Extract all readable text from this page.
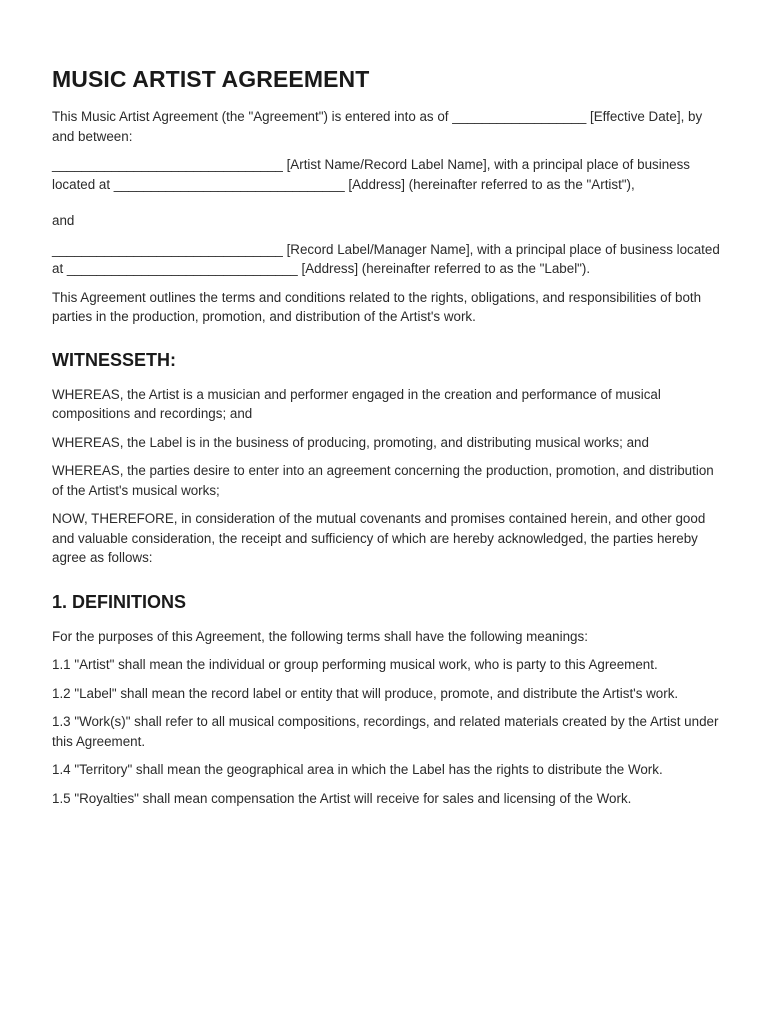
MUSIC ARTIST AGREEMENT

This Music Artist Agreement (the "Agreement") is entered into as of __________________ [Effective Date], by and between:

_______________________________ [Artist Name/Record Label Name], with a principal place of business located at _______________________________ [Address] (hereinafter referred to as the "Artist"),

and

_______________________________ [Record Label/Manager Name], with a principal place of business located at _______________________________ [Address] (hereinafter referred to as the "Label").

This Agreement outlines the terms and conditions related to the rights, obligations, and responsibilities of both parties in the production, promotion, and distribution of the Artist's work.

WITNESSETH:

WHEREAS, the Artist is a musician and performer engaged in the creation and performance of musical compositions and recordings; and

WHEREAS, the Label is in the business of producing, promoting, and distributing musical works; and

WHEREAS, the parties desire to enter into an agreement concerning the production, promotion, and distribution of the Artist's musical works;

NOW, THEREFORE, in consideration of the mutual covenants and promises contained herein, and other good and valuable consideration, the receipt and sufficiency of which are hereby acknowledged, the parties hereby agree as follows:

1. DEFINITIONS

For the purposes of this Agreement, the following terms shall have the following meanings:

1.1 "Artist" shall mean the individual or group performing musical work, who is party to this Agreement.

1.2 "Label" shall mean the record label or entity that will produce, promote, and distribute the Artist's work.

1.3 "Work(s)" shall refer to all musical compositions, recordings, and related materials created by the Artist under this Agreement.

1.4 "Territory" shall mean the geographical area in which the Label has the rights to distribute the Work.

1.5 "Royalties" shall mean compensation the Artist will receive for sales and licensing of the Work.
